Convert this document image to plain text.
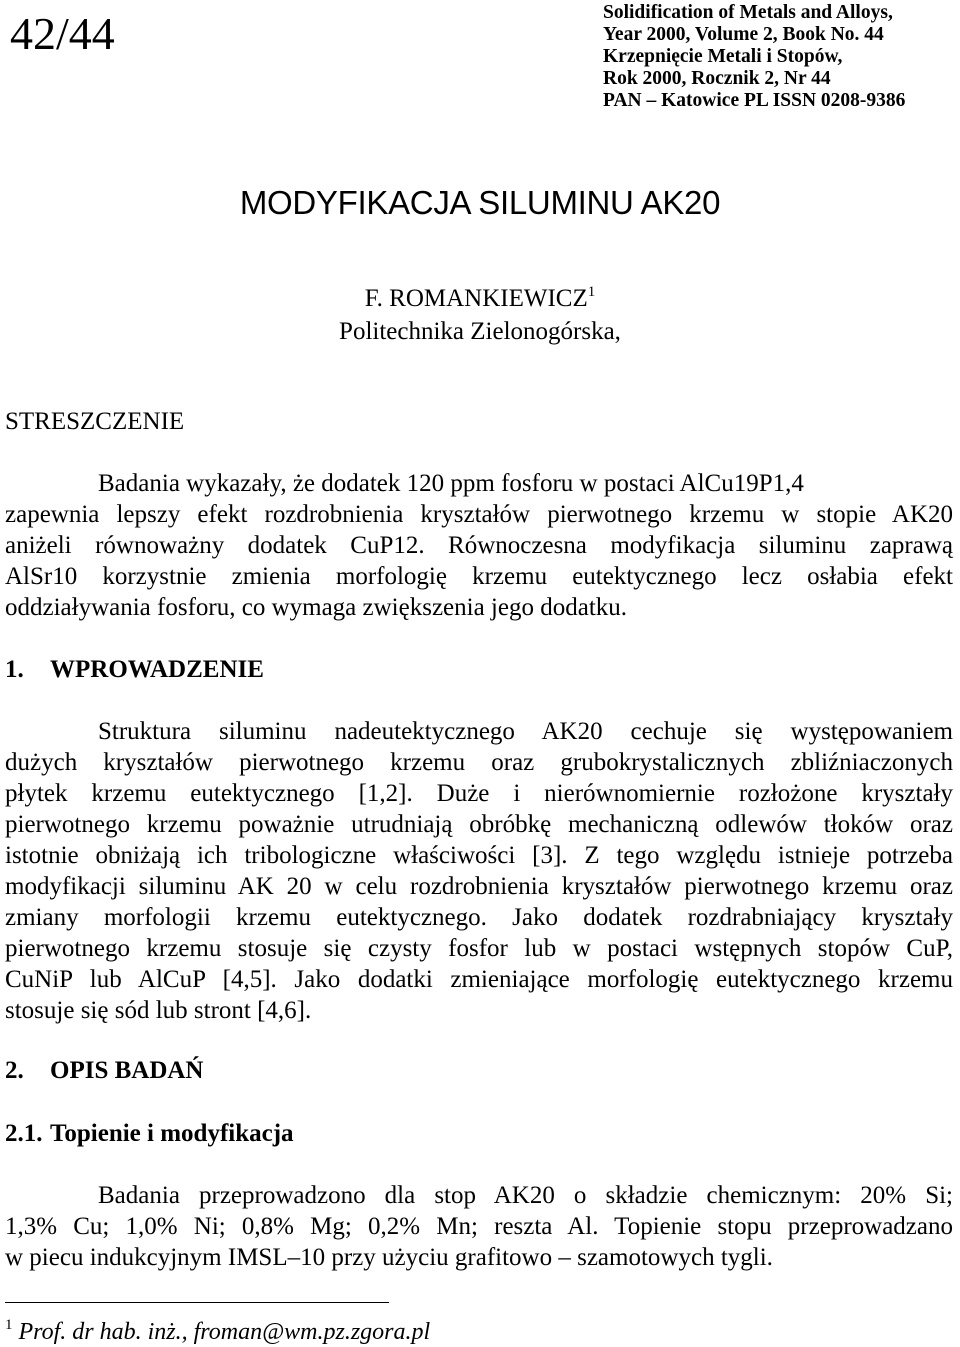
42/44	Solidification of Metals and Alloys,
Year 2000, Volume 2, Book No. 44
Krzepnięcie Metali i Stopów,
Rok 2000, Rocznik 2, Nr 44
PAN – Katowice PL ISSN 0208-9386
MODYFIKACJA SILUMINU AK20
F. ROMANKIEWICZ$^1$
Politechnika Zielonogórska,
STRESZCZENIE
Badania wykazały, że dodatek 120 ppm fosforu w postaci AlCu19P1,4
zapewnia lepszy efekt rozdrobnienia kryształów pierwotnego krzemu w stopie AK20
aniżeli równoważny dodatek CuP12. Równoczesna modyfikacja siluminu zaprawą
AlSr10 korzystnie zmienia morfologię krzemu eutektycznego lecz osłabia efekt
oddziaływania fosforu, co wymaga zwiększenia jego dodatku.
1. WPROWADZENIE
Struktura siluminu nadeutektycznego AK20 cechuje się występowaniem
dużych kryształów pierwotnego krzemu oraz grubokrystalicznych zbliźniaczonych
płytek krzemu eutektycznego [1,2]. Duże i nierównomiernie rozłożone kryształy
pierwotnego krzemu poważnie utrudniają obróbkę mechaniczną odlewów tłoków oraz
istotnie obniżają ich tribologiczne właściwości [3]. Z tego względu istnieje potrzeba
modyfikacji siluminu AK 20 w celu rozdrobnienia kryształów pierwotnego krzemu oraz
zmiany morfologii krzemu eutektycznego. Jako dodatek rozdrabniający kryształy
pierwotnego krzemu stosuje się czysty fosfor lub w postaci wstępnych stopów CuP,
CuNiP lub AlCuP [4,5]. Jako dodatki zmieniające morfologię eutektycznego krzemu
stosuje się sód lub stront [4,6].
2. OPIS BADAŃ
2.1. Topienie i modyfikacja
Badania przeprowadzono dla stop AK20 o składzie chemicznym: 20% Si;
1,3% Cu; 1,0% Ni; 0,8% Mg; 0,2% Mn; reszta Al. Topienie stopu przeprowadzano
w piecu indukcyjnym IMSL–10 przy użyciu grafitowo – szamotowych tygli.
$^1$ Prof. dr hab. inż., froman@wm.pz.zgora.pl
